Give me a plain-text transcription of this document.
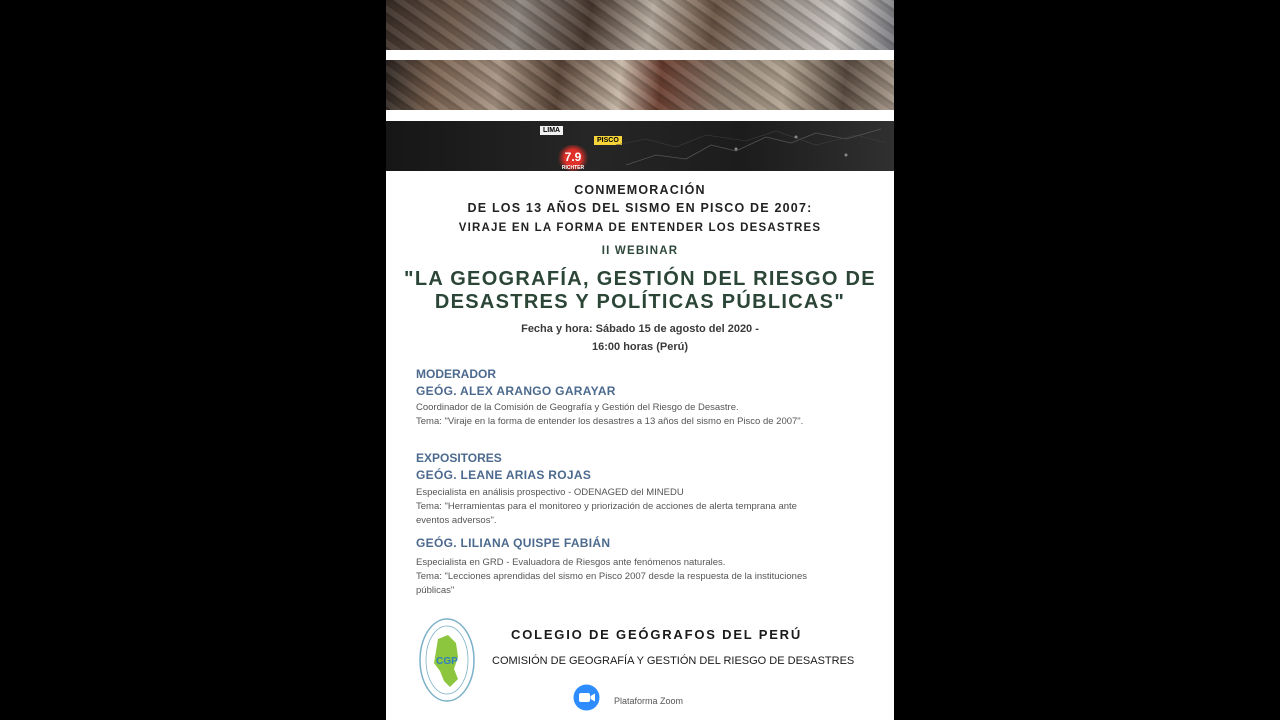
LIMA
PISCO
7.9
RICHTER
CONMEMORACIÓN
DE LOS 13 AÑOS DEL SISMO EN PISCO DE 2007:
VIRAJE EN LA FORMA DE ENTENDER LOS DESASTRES
II WEBINAR
"LA GEOGRAFÍA, GESTIÓN DEL RIESGO DE
DESASTRES Y POLÍTICAS PÚBLICAS"
Fecha y hora: Sábado 15 de agosto del 2020 -
16:00 horas (Perú)
MODERADOR
GEÓG. ALEX ARANGO GARAYAR
Coordinador de la Comisión de Geografía y Gestión del Riesgo de Desastre.
Tema: "Viraje en la forma de entender los desastres a 13 años del sismo en Pisco de 2007".
EXPOSITORES
GEÓG. LEANE ARIAS ROJAS
Especialista en análisis prospectivo - ODENAGED del MINEDU
Tema: "Herramientas para el monitoreo y priorización de acciones de alerta temprana ante
eventos adversos".
GEÓG. LILIANA QUISPE FABIÁN
Especialista en GRD - Evaluadora de Riesgos ante fenómenos naturales.
Tema: "Lecciones aprendidas del sismo en Pisco 2007 desde la respuesta de la instituciones
públicas"
CGP
COLEGIO DE GEÓGRAFOS DEL PERÚ
COMISIÓN DE GEOGRAFÍA Y GESTIÓN DEL RIESGO DE DESASTRES
Plataforma Zoom
